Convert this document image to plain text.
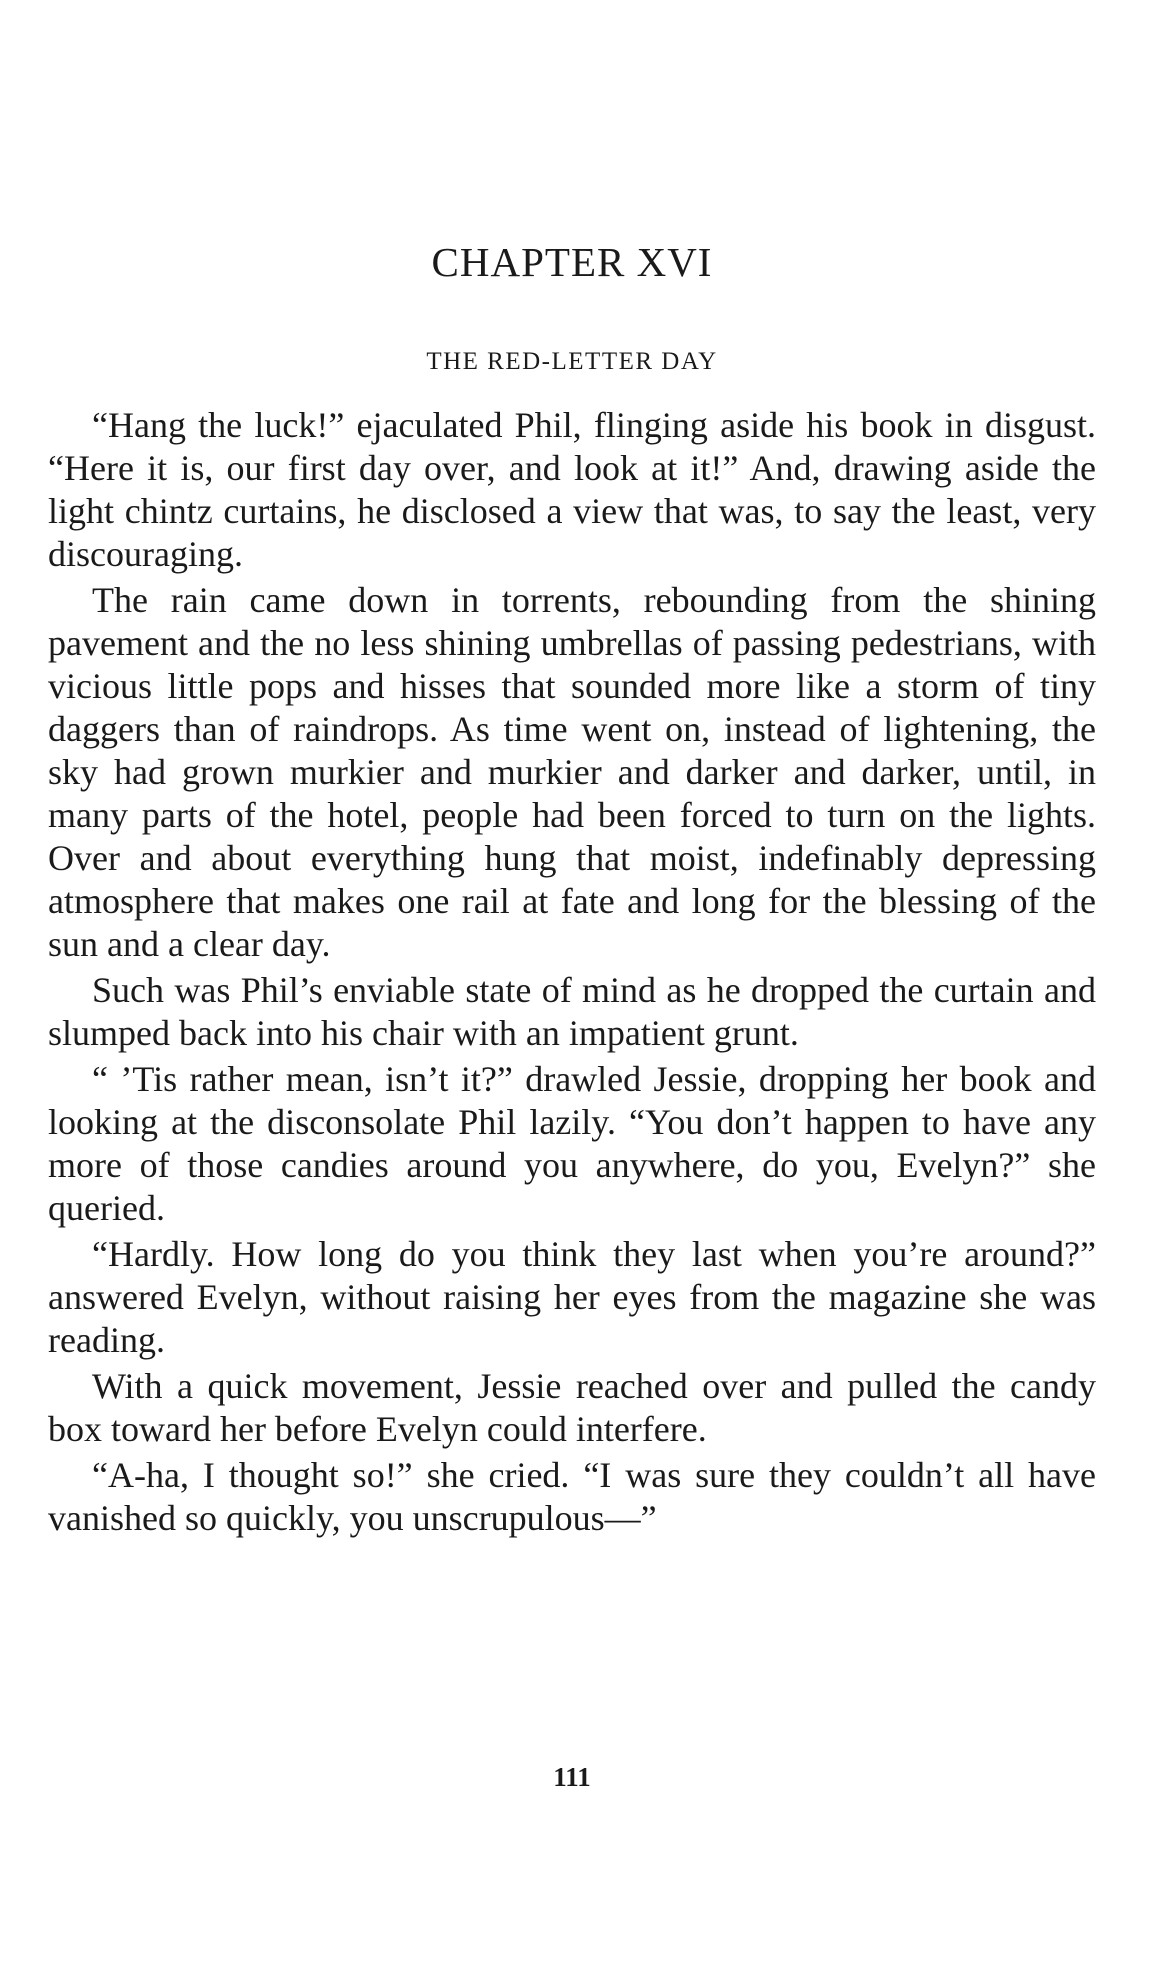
CHAPTER XVI
THE RED-LETTER DAY

“Hang the luck!” ejaculated Phil, flinging aside his book in disgust. “Here it is, our first day over, and look at it!” And, drawing aside the light chintz curtains, he disclosed a view that was, to say the least, very discouraging.

The rain came down in torrents, rebounding from the shining pavement and the no less shining umbrellas of passing pedestrians, with vicious little pops and hisses that sounded more like a storm of tiny daggers than of raindrops. As time went on, instead of lightening, the sky had grown murkier and murkier and darker and darker, until, in many parts of the hotel, people had been forced to turn on the lights. Over and about everything hung that moist, indefinably depressing atmosphere that makes one rail at fate and long for the blessing of the sun and a clear day.

Such was Phil’s enviable state of mind as he dropped the curtain and slumped back into his chair with an impatient grunt.

“ ’Tis rather mean, isn’t it?” drawled Jessie, dropping her book and looking at the disconsolate Phil lazily. “You don’t happen to have any more of those candies around you anywhere, do you, Evelyn?” she queried.

“Hardly. How long do you think they last when you’re around?” answered Evelyn, without raising her eyes from the magazine she was reading.

With a quick movement, Jessie reached over and pulled the candy box toward her before Evelyn could interfere.

“A-ha, I thought so!” she cried. “I was sure they couldn’t all have vanished so quickly, you unscrupulous—”

111
